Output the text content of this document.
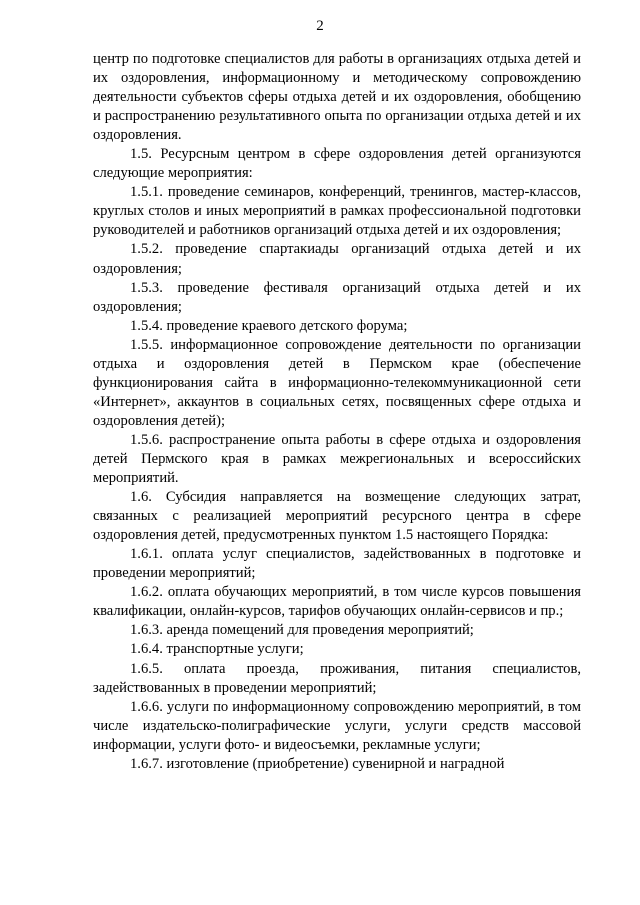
2

центр по подготовке специалистов для работы в организациях отдыха детей и их оздоровления, информационному и методическому сопровождению деятельности субъектов сферы отдыха детей и их оздоровления, обобщению и распространению результативного опыта по организации отдыха детей и их оздоровления.

1.5. Ресурсным центром в сфере оздоровления детей организуются следующие мероприятия:

1.5.1. проведение семинаров, конференций, тренингов, мастер-классов, круглых столов и иных мероприятий в рамках профессиональной подготовки руководителей и работников организаций отдыха детей и их оздоровления;

1.5.2. проведение спартакиады организаций отдыха детей и их оздоровления;

1.5.3. проведение фестиваля организаций отдыха детей и их оздоровления;

1.5.4. проведение краевого детского форума;

1.5.5. информационное сопровождение деятельности по организации отдыха и оздоровления детей в Пермском крае (обеспечение функционирования сайта в информационно-телекоммуникационной сети «Интернет», аккаунтов в социальных сетях, посвященных сфере отдыха и оздоровления детей);

1.5.6. распространение опыта работы в сфере отдыха и оздоровления детей Пермского края в рамках межрегиональных и всероссийских мероприятий.

1.6. Субсидия направляется на возмещение следующих затрат, связанных с реализацией мероприятий ресурсного центра в сфере оздоровления детей, предусмотренных пунктом 1.5 настоящего Порядка:

1.6.1. оплата услуг специалистов, задействованных в подготовке и проведении мероприятий;

1.6.2. оплата обучающих мероприятий, в том числе курсов повышения квалификации, онлайн-курсов, тарифов обучающих онлайн-сервисов и пр.;

1.6.3. аренда помещений для проведения мероприятий;

1.6.4. транспортные услуги;

1.6.5. оплата проезда, проживания, питания специалистов, задействованных в проведении мероприятий;

1.6.6. услуги по информационному сопровождению мероприятий, в том числе издательско-полиграфические услуги, услуги средств массовой информации, услуги фото- и видеосъемки, рекламные услуги;

1.6.7. изготовление (приобретение) сувенирной и наградной
